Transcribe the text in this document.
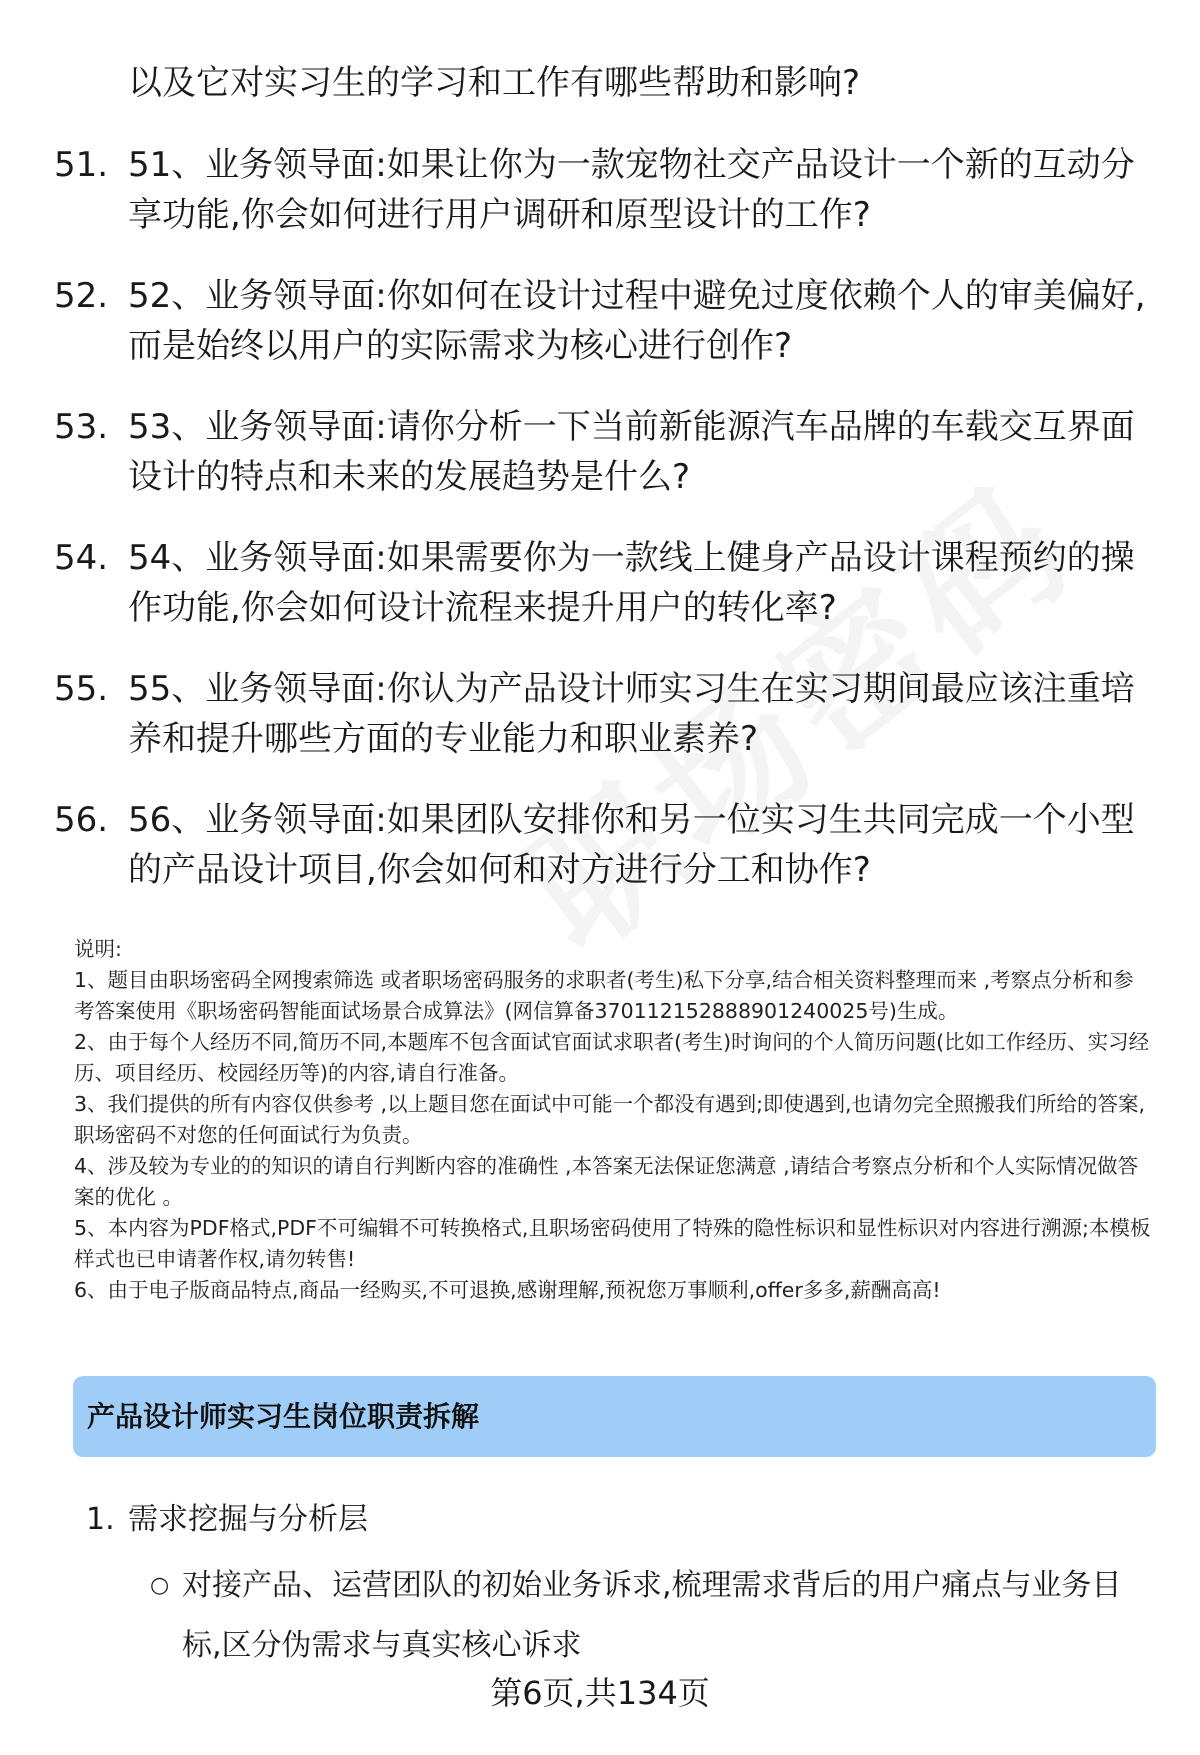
以及它对实习生的学习和工作有哪些帮助和影响?
51. 51、业务领导面:如果让你为一款宠物社交产品设计一个新的互动分享功能,你会如何进行用户调研和原型设计的工作?
52. 52、业务领导面:你如何在设计过程中避免过度依赖个人的审美偏好,而是始终以用户的实际需求为核心进行创作?
53. 53、业务领导面:请你分析一下当前新能源汽车品牌的车载交互界面设计的特点和未来的发展趋势是什么?
54. 54、业务领导面:如果需要你为一款线上健身产品设计课程预约的操作功能,你会如何设计流程来提升用户的转化率?
55. 55、业务领导面:你认为产品设计师实习生在实习期间最应该注重培养和提升哪些方面的专业能力和职业素养?
56. 56、业务领导面:如果团队安排你和另一位实习生共同完成一个小型的产品设计项目,你会如何和对方进行分工和协作?

说明:

1、题目由职场密码全网搜索筛选 或者职场密码服务的求职者(考生)私下分享,结合相关资料整理而来 ,考察点分析和参考答案使用《职场密码智能面试场景合成算法》(网信算备370112152888901240025号)生成。

2、由于每个人经历不同,简历不同,本题库不包含面试官面试求职者(考生)时询问的个人简历问题(比如工作经历、实习经历、项目经历、校园经历等)的内容,请自行准备。

3、我们提供的所有内容仅供参考 ,以上题目您在面试中可能一个都没有遇到;即使遇到,也请勿完全照搬我们所给的答案,职场密码不对您的任何面试行为负责。

4、涉及较为专业的的知识的请自行判断内容的准确性 ,本答案无法保证您满意 ,请结合考察点分析和个人实际情况做答案的优化 。

5、本内容为PDF格式,PDF不可编辑不可转换格式,且职场密码使用了特殊的隐性标识和显性标识对内容进行溯源;本模板样式也已申请著作权,请勿转售!

6、由于电子版商品特点,商品一经购买,不可退换,感谢理解,预祝您万事顺利,offer多多,薪酬高高!

产品设计师实习生岗位职责拆解
1. 需求挖掘与分析层
○ 对接产品、运营团队的初始业务诉求,梳理需求背后的用户痛点与业务目标,区分伪需求与真实核心诉求
第6页,共134页
